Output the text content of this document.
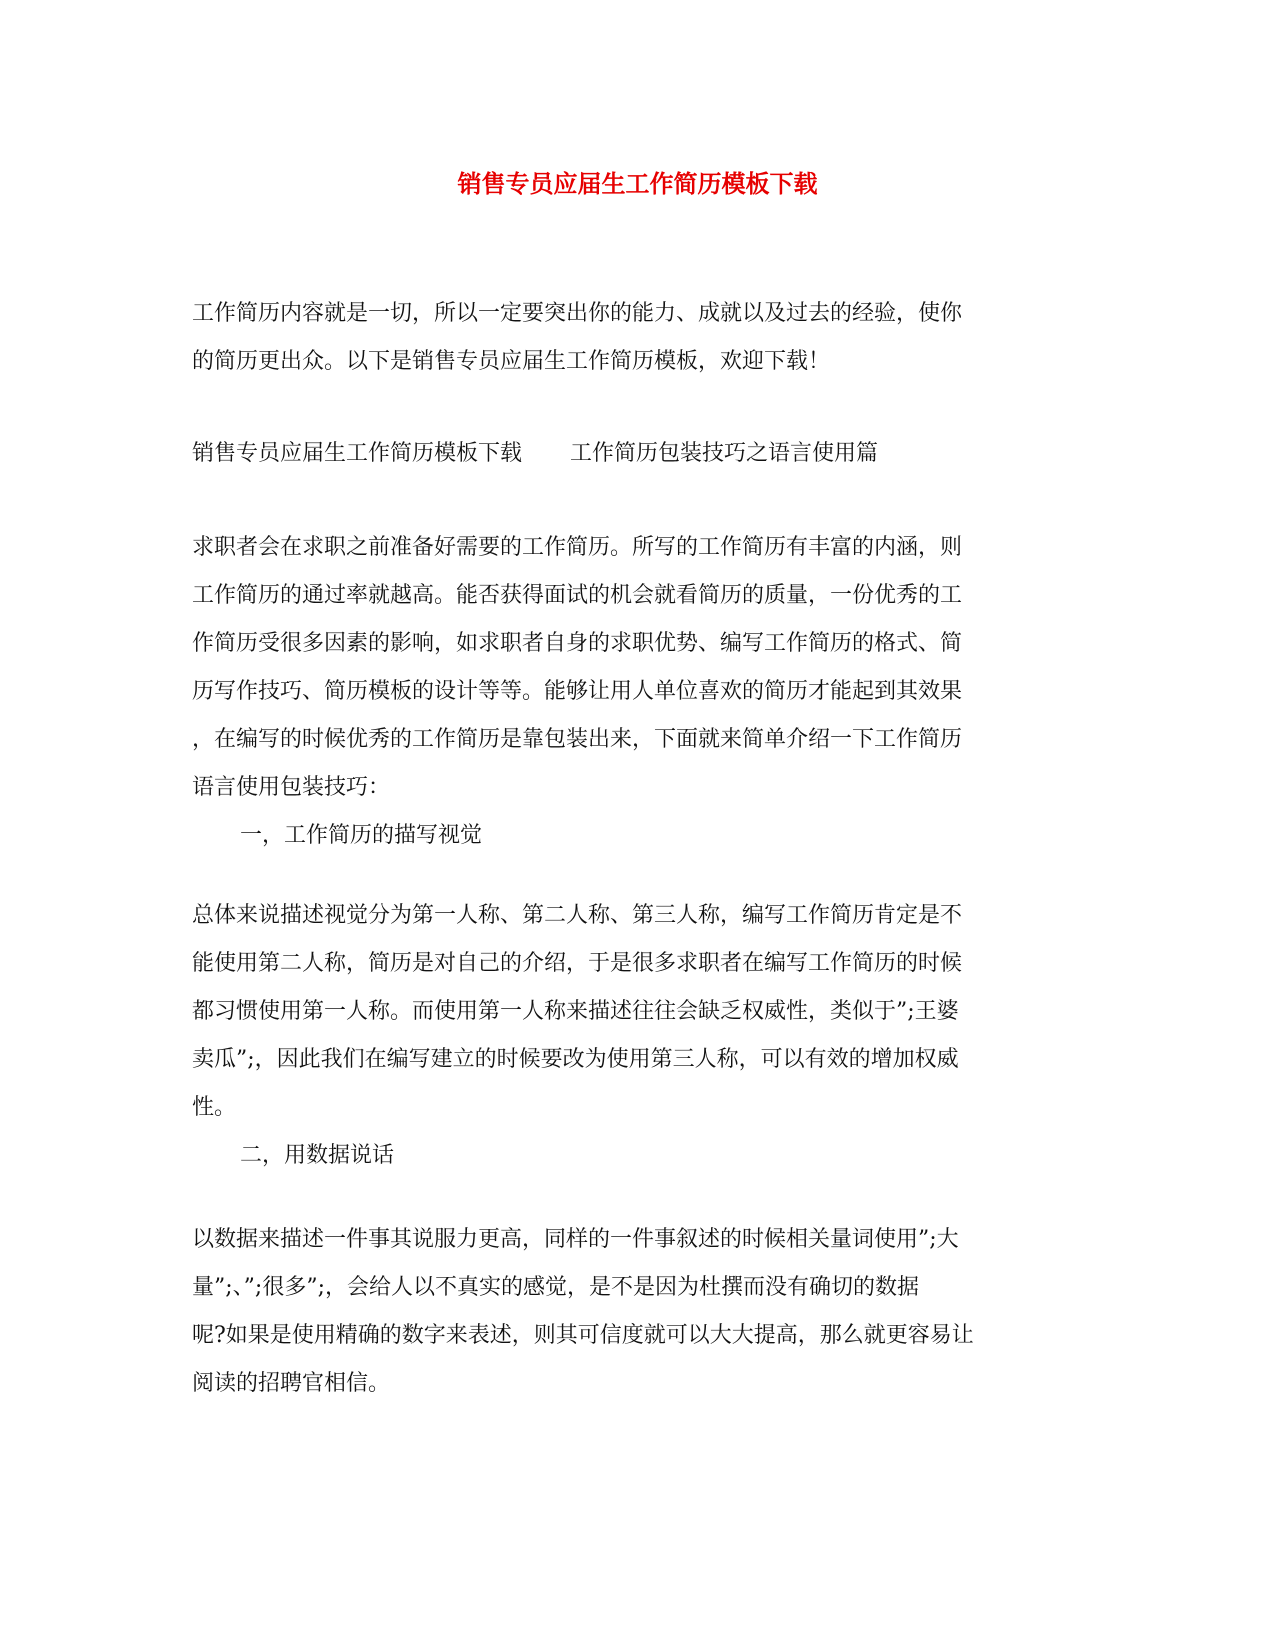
销售专员应届生工作简历模板下载
工作简历内容就是一切，所以一定要突出你的能力、成就以及过去的经验，使你
的简历更出众。以下是销售专员应届生工作简历模板，欢迎下载！
销售专员应届生工作简历模板下载 工作简历包装技巧之语言使用篇
求职者会在求职之前准备好需要的工作简历。所写的工作简历有丰富的内涵，则
工作简历的通过率就越高。能否获得面试的机会就看简历的质量，一份优秀的工
作简历受很多因素的影响，如求职者自身的求职优势、编写工作简历的格式、简
历写作技巧、简历模板的设计等等。能够让用人单位喜欢的简历才能起到其效果
，在编写的时候优秀的工作简历是靠包装出来，下面就来简单介绍一下工作简历
语言使用包装技巧：
一，工作简历的描写视觉
总体来说描述视觉分为第一人称、第二人称、第三人称，编写工作简历肯定是不
能使用第二人称，简历是对自己的介绍，于是很多求职者在编写工作简历的时候
都习惯使用第一人称。而使用第一人称来描述往往会缺乏权威性，类似于”;王婆
卖瓜”;，因此我们在编写建立的时候要改为使用第三人称，可以有效的增加权威
性。
二，用数据说话
以数据来描述一件事其说服力更高，同样的一件事叙述的时候相关量词使用”;大
量”;、”;很多”;，会给人以不真实的感觉，是不是因为杜撰而没有确切的数据
呢?如果是使用精确的数字来表述，则其可信度就可以大大提高，那么就更容易让
阅读的招聘官相信。
